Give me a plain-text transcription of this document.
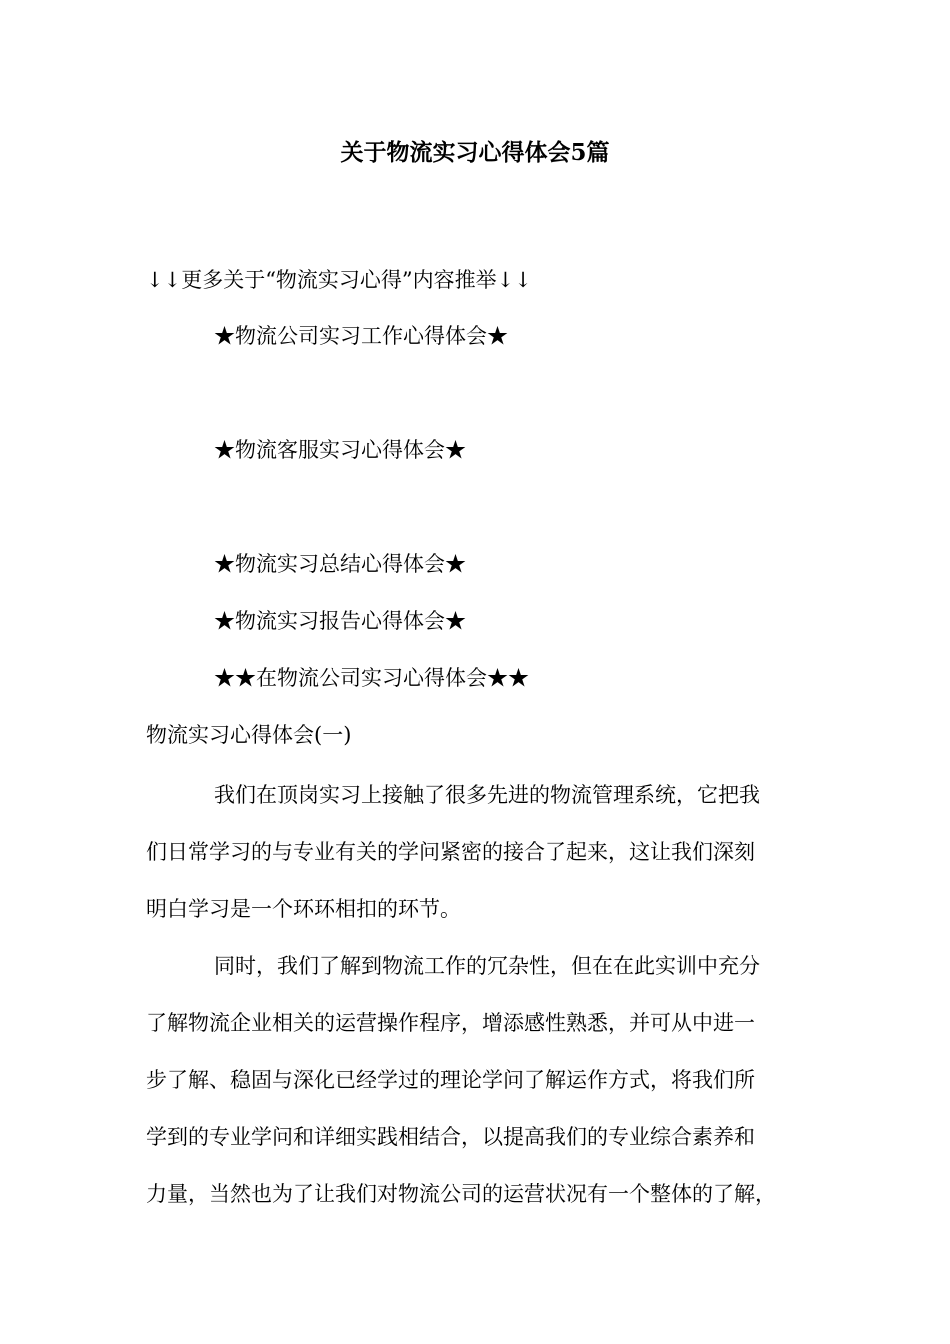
关于物流实习心得体会5篇
↓↓更多关于“物流实习心得”内容推举↓↓
★物流公司实习工作心得体会★
★物流客服实习心得体会★
★物流实习总结心得体会★
★物流实习报告心得体会★
★★在物流公司实习心得体会★★
物流实习心得体会(一)
我们在顶岗实习上接触了很多先进的物流管理系统，它把我
们日常学习的与专业有关的学问紧密的接合了起来，这让我们深刻
明白学习是一个环环相扣的环节。
同时，我们了解到物流工作的冗杂性，但在在此实训中充分
了解物流企业相关的运营操作程序，增添感性熟悉，并可从中进一
步了解、稳固与深化已经学过的理论学问了解运作方式，将我们所
学到的专业学问和详细实践相结合，以提高我们的专业综合素养和
力量，当然也为了让我们对物流公司的运营状况有一个整体的了解，
